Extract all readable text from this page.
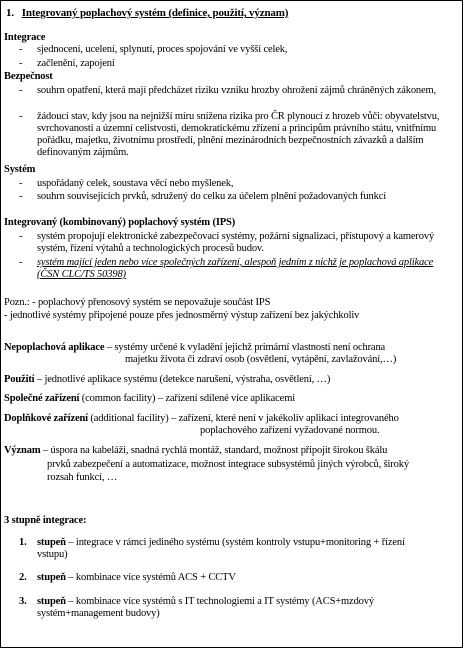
1. Integrovaný poplachový systém (definice, použití, význam)
Integrace
- sjednocení, ucelení, splynutí, proces spojování ve vyšší celek,
- začlenění, zapojení
Bezpečnost
- souhrn opatření, která mají předcházet riziku vzniku hrozby ohrožení zájmů chráněných zákonem,
- žádoucí stav, kdy jsou na nejnižší míru snížena rizika pro ČR plynoucí z hrozeb vůči: obyvatelstvu, svrchovanosti a územní celistvosti, demokratickému zřízení a principům právního státu, vnitřnímu pořádku, majetku, životnímu prostředí, plnění mezinárodních bezpečnostních závazků a dalším definovaným zájmům.
Systém
- uspořádaný celek, soustava věcí nebo myšlenek,
- souhrn souvisejících prvků, sdružený do celku za účelem plnění požadovaných funkcí
Integrovaný (kombinovaný) poplachový systém (IPS)
- systém propojují elektronické zabezpečovací systémy, požární signalizaci, přístupový a kamerový systém, řízení výtahů a technologických procesů budov.
- systém mající jeden nebo více společných zařízení, alespoň jedním z nichž je poplachová aplikace (ČSN CLC/TS 50398)
Pozn.: - poplachový přenosový systém se nepovažuje součást IPS
- jednotlivé systémy připojené pouze přes jednosměrný výstup zařízení bez jakýchkoliv
Nepoplachová aplikace – systémy určené k vyladění jejichž primární vlastností není ochrana
majetku života či zdraví osob (osvětlení, vytápění, zavlažování,…)
Použití – jednotlivé aplikace systému (detekce narušení, výstraha, osvětlení, …)
Společné zařízení (common facility) – zařízení sdílené více aplikacemi
Doplňkové zařízení (additional facility) – zařízení, které není v jakékoliv aplikaci integrovaného
poplachového zařízení vyžadované normou.
Význam – úspora na kabeláži, snadná rychlá montáž, standard, možnost připojit širokou škálu
prvků zabezpečení a automatizace, možnost integrace subsystémů jiných výrobců, široký
rozsah funkcí, …
3 stupně integrace:
1. stupeň – integrace v rámci jediného systému (systém kontroly vstupu+monitoring + řízení
vstupu)
2. stupeň – kombinace více systémů ACS + CCTV
3. stupeň – kombinace více systémů s IT technologiemi a IT systémy (ACS+mzdový
systém+management budovy)
